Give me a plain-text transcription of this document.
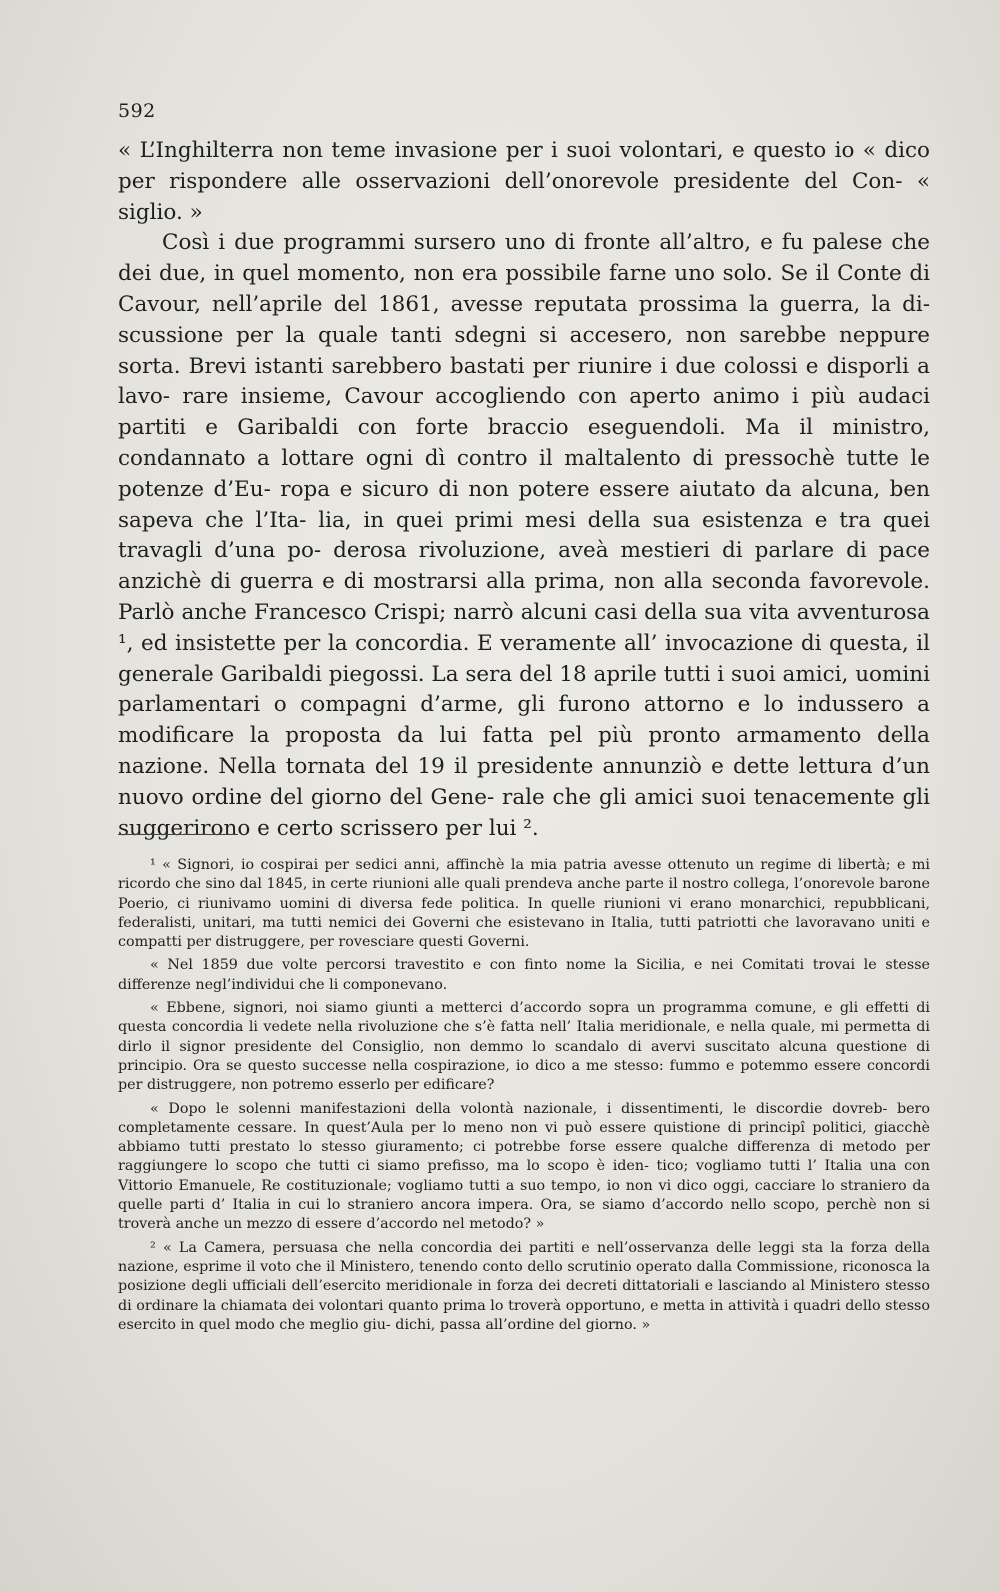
592

« L’Inghilterra non teme invasione per i suoi volontari, e questo io « dico per rispondere alle osservazioni dell’onorevole presidente del Con- « siglio. »

Così i due programmi sursero uno di fronte all’altro, e fu palese che dei due, in quel momento, non era possibile farne uno solo. Se il Conte di Cavour, nell’aprile del 1861, avesse reputata prossima la guerra, la di- scussione per la quale tanti sdegni si accesero, non sarebbe neppure sorta. Brevi istanti sarebbero bastati per riunire i due colossi e disporli a lavo- rare insieme, Cavour accogliendo con aperto animo i più audaci partiti e Garibaldi con forte braccio eseguendoli. Ma il ministro, condannato a lottare ogni dì contro il maltalento di pressochè tutte le potenze d’Eu- ropa e sicuro di non potere essere aiutato da alcuna, ben sapeva che l’Ita- lia, in quei primi mesi della sua esistenza e tra quei travagli d’una po- derosa rivoluzione, aveà mestieri di parlare di pace anzichè di guerra e di mostrarsi alla prima, non alla seconda favorevole. Parlò anche Francesco Crispi; narrò alcuni casi della sua vita avventurosa ¹, ed insistette per la concordia. E veramente all’ invocazione di questa, il generale Garibaldi piegossi. La sera del 18 aprile tutti i suoi amici, uomini parlamentari o compagni d’arme, gli furono attorno e lo indussero a modificare la proposta da lui fatta pel più pronto armamento della nazione. Nella tornata del 19 il presidente annunziò e dette lettura d’un nuovo ordine del giorno del Gene- rale che gli amici suoi tenacemente gli suggerirono e certo scrissero per lui ².

¹ « Signori, io cospirai per sedici anni, affinchè la mia patria avesse ottenuto un regime di libertà; e mi ricordo che sino dal 1845, in certe riunioni alle quali prendeva anche parte il nostro collega, l’onorevole barone Poerio, ci riunivamo uomini di diversa fede politica. In quelle riunioni vi erano monarchici, repubblicani, federalisti, unitari, ma tutti nemici dei Governi che esistevano in Italia, tutti patriotti che lavoravano uniti e compatti per distruggere, per rovesciare questi Governi.

« Nel 1859 due volte percorsi travestito e con finto nome la Sicilia, e nei Comitati trovai le stesse differenze negl’individui che li componevano.

« Ebbene, signori, noi siamo giunti a metterci d’accordo sopra un programma comune, e gli effetti di questa concordia li vedete nella rivoluzione che s’è fatta nell’ Italia meridionale, e nella quale, mi permetta di dirlo il signor presidente del Consiglio, non demmo lo scandalo di avervi suscitato alcuna questione di principio. Ora se questo successe nella cospirazione, io dico a me stesso: fummo e potemmo essere concordi per distruggere, non potremo esserlo per edificare?

« Dopo le solenni manifestazioni della volontà nazionale, i dissentimenti, le discordie dovreb- bero completamente cessare. In quest’Aula per lo meno non vi può essere quistione di principî politici, giacchè abbiamo tutti prestato lo stesso giuramento; ci potrebbe forse essere qualche differenza di metodo per raggiungere lo scopo che tutti ci siamo prefisso, ma lo scopo è iden- tico; vogliamo tutti l’ Italia una con Vittorio Emanuele, Re costituzionale; vogliamo tutti a suo tempo, io non vi dico oggi, cacciare lo straniero da quelle parti d’ Italia in cui lo straniero ancora impera. Ora, se siamo d’accordo nello scopo, perchè non si troverà anche un mezzo di essere d’accordo nel metodo? »

² « La Camera, persuasa che nella concordia dei partiti e nell’osservanza delle leggi sta la forza della nazione, esprime il voto che il Ministero, tenendo conto dello scrutinio operato dalla Commissione, riconosca la posizione degli ufficiali dell’esercito meridionale in forza dei decreti dittatoriali e lasciando al Ministero stesso di ordinare la chiamata dei volontari quanto prima lo troverà opportuno, e metta in attività i quadri dello stesso esercito in quel modo che meglio giu- dichi, passa all’ordine del giorno. »
